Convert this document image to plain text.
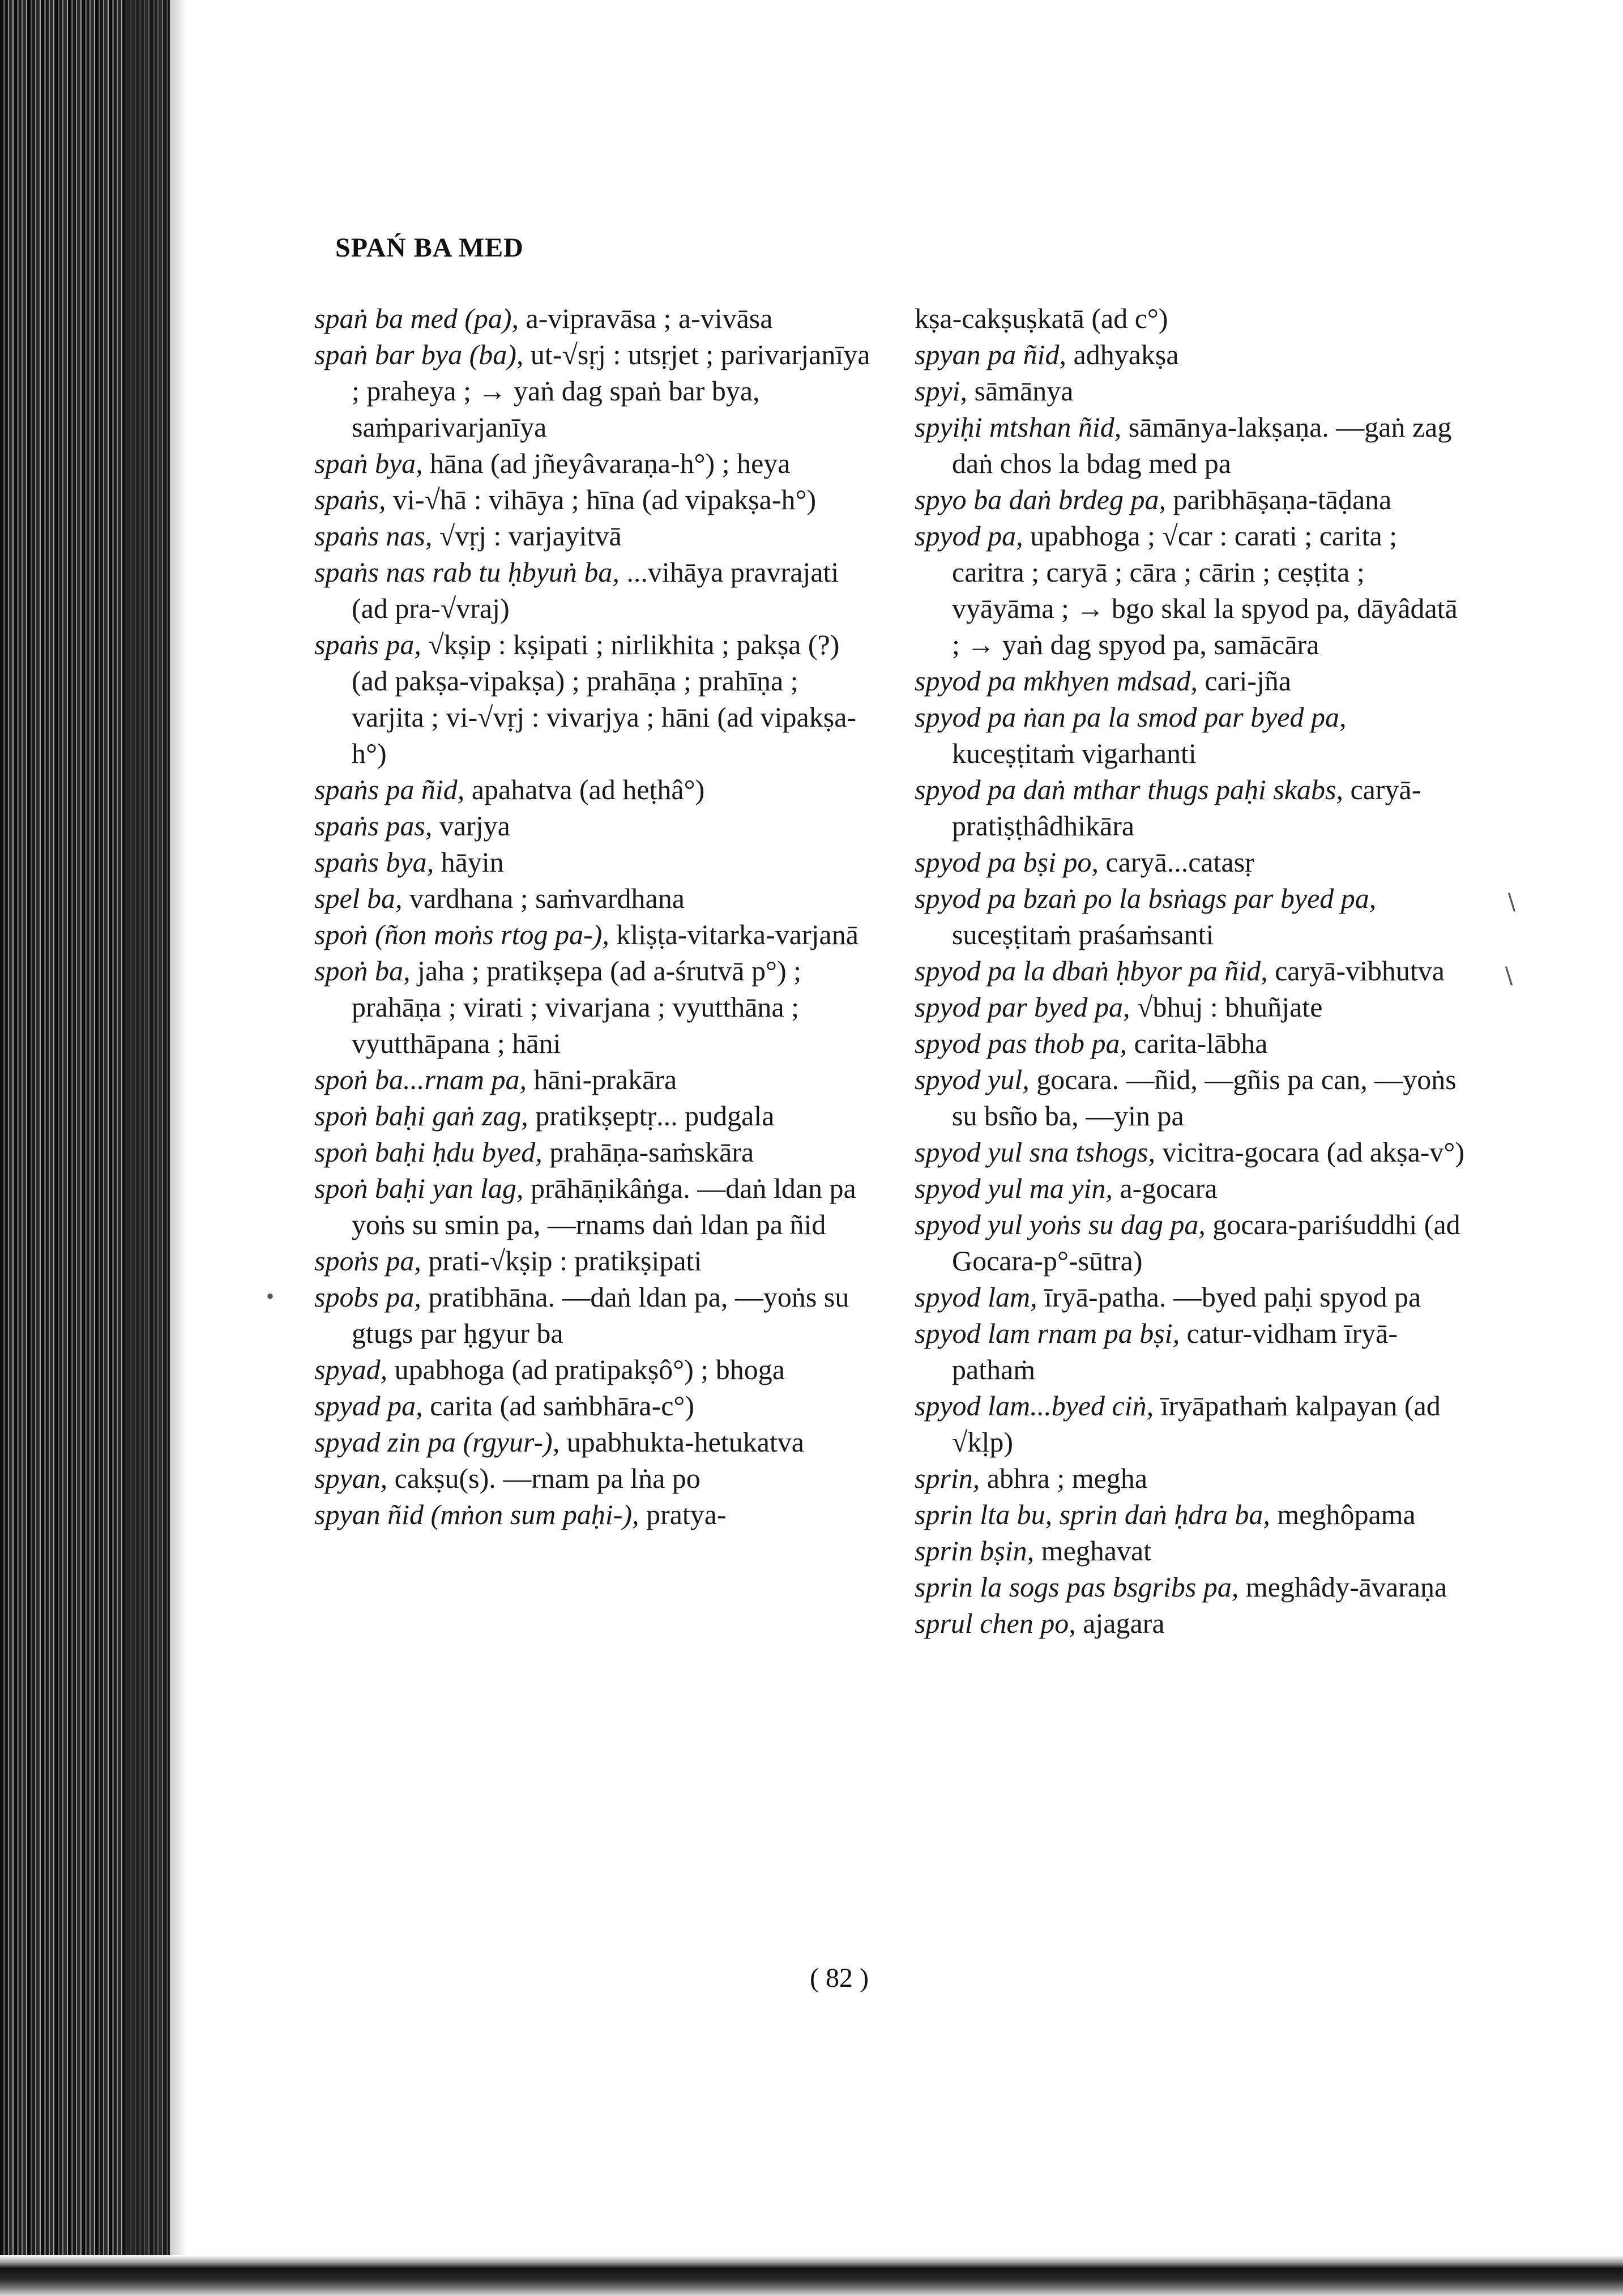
SPAŃ BA MED

spaṅ ba med (pa), a-vipravāsa ; a-vivāsa

spaṅ bar bya (ba), ut-√sṛj : utsṛjet ; parivarjanīya ; praheya ; → yaṅ dag spaṅ bar bya, saṁparivarjanīya

spaṅ bya, hāna (ad jñeyâvaraṇa-h°) ; heya

spaṅs, vi-√hā : vihāya ; hīna (ad vipakṣa-h°)

spaṅs nas, √vṛj : varjayitvā

spaṅs nas rab tu ḥbyuṅ ba, ...vihāya pravrajati (ad pra-√vraj)

spaṅs pa, √kṣip : kṣipati ; nirlikhita ; pakṣa (?) (ad pakṣa-vipakṣa) ; prahāṇa ; prahīṇa ; varjita ; vi-√vṛj : vivarjya ; hāni (ad vipakṣa-h°)

spaṅs pa ñid, apahatva (ad heṭhâ°)

spaṅs pas, varjya

spaṅs bya, hāyin

spel ba, vardhana ; saṁvardhana

spoṅ (ñon moṅs rtog pa-), kliṣṭa-vitarka-varjanā

spoṅ ba, jaha ; pratikṣepa (ad a-śrutvā p°) ; prahāṇa ; virati ; vivarjana ; vyutthāna ; vyutthāpana ; hāni

spoṅ ba...rnam pa, hāni-prakāra

spoṅ baḥi gaṅ zag, pratikṣeptṛ... pudgala

spoṅ baḥi ḥdu byed, prahāṇa-saṁskāra

spoṅ baḥi yan lag, prāhāṇikâṅga. —daṅ ldan pa yoṅs su smin pa, —rnams daṅ ldan pa ñid

spoṅs pa, prati-√kṣip : pratikṣipati

spobs pa, pratibhāna. —daṅ ldan pa, —yoṅs su gtugs par ḥgyur ba

spyad, upabhoga (ad pratipakṣô°) ; bhoga

spyad pa, carita (ad saṁbhāra-c°)

spyad zin pa (rgyur-), upabhukta-hetukatva

spyan, cakṣu(s). —rnam pa lṅa po

spyan ñid (mṅon sum paḥi-), pratya-

kṣa-cakṣuṣkatā (ad c°)

spyan pa ñid, adhyakṣa

spyi, sāmānya

spyiḥi mtshan ñid, sāmānya-lakṣaṇa. —gaṅ zag daṅ chos la bdag med pa

spyo ba daṅ brdeg pa, paribhāṣaṇa-tāḍana

spyod pa, upabhoga ; √car : carati ; carita ; caritra ; caryā ; cāra ; cārin ; ceṣṭita ; vyāyāma ; → bgo skal la spyod pa, dāyâdatā ; → yaṅ dag spyod pa, samācāra

spyod pa mkhyen mdsad, cari-jña

spyod pa ṅan pa la smod par byed pa, kuceṣṭitaṁ vigarhanti

spyod pa daṅ mthar thugs paḥi skabs, caryā-pratiṣṭhâdhikāra

spyod pa bṣi po, caryā...catasṛ

spyod pa bzaṅ po la bsṅags par byed pa, suceṣṭitaṁ praśaṁsanti

spyod pa la dbaṅ ḥbyor pa ñid, caryā-vibhutva

spyod par byed pa, √bhuj : bhuñjate

spyod pas thob pa, carita-lābha

spyod yul, gocara. —ñid, —gñis pa can, —yoṅs su bsño ba, —yin pa

spyod yul sna tshogs, vicitra-gocara (ad akṣa-v°)

spyod yul ma yin, a-gocara

spyod yul yoṅs su dag pa, gocara-pariśuddhi (ad Gocara-p°-sūtra)

spyod lam, īryā-patha. —byed paḥi spyod pa

spyod lam rnam pa bṣi, catur-vidham īryā-pathaṁ

spyod lam...byed ciṅ, īryāpathaṁ kalpayan (ad √kḷp)

sprin, abhra ; megha

sprin lta bu, sprin daṅ ḥdra ba, meghôpama

sprin bṣin, meghavat

sprin la sogs pas bsgribs pa, meghâdy-āvaraṇa

sprul chen po, ajagara

( 82 )
∖
∖
•
